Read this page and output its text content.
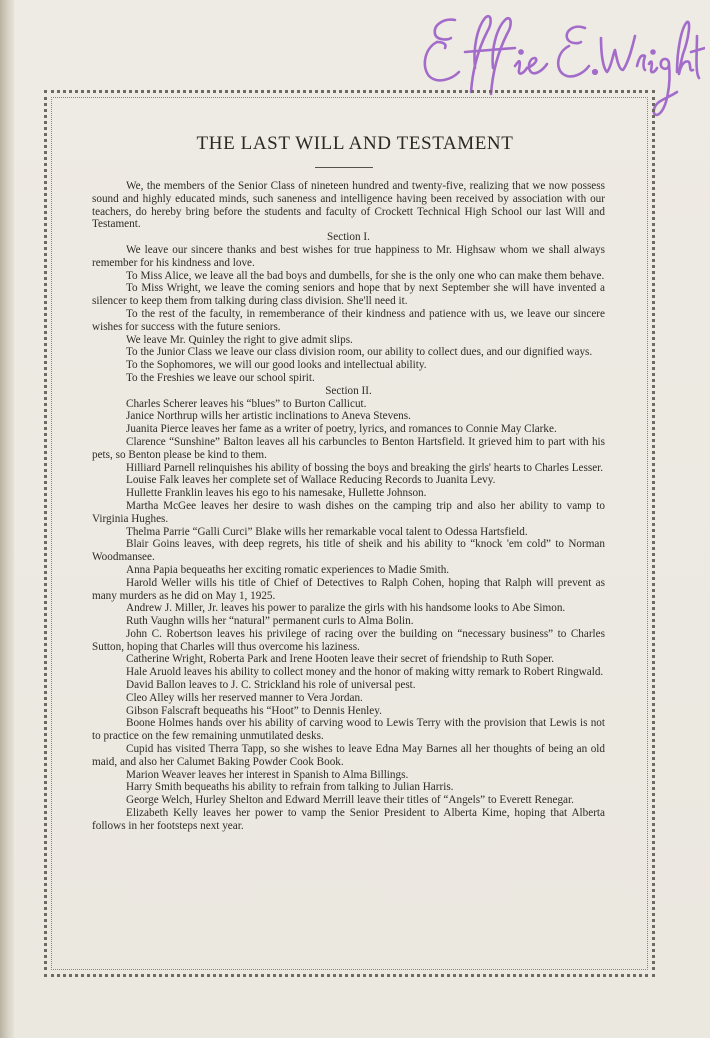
THE LAST WILL AND TESTAMENT

We, the members of the Senior Class of nineteen hundred and twenty-five, realizing that we now possess sound and highly educated minds, such saneness and intelligence having been received by association with our teachers, do hereby bring before the students and faculty of Crockett Technical High School our last Will and Testament.

Section I.

We leave our sincere thanks and best wishes for true happiness to Mr. Highsaw whom we shall always remember for his kindness and love.

To Miss Alice, we leave all the bad boys and dumbells, for she is the only one who can make them behave.

To Miss Wright, we leave the coming seniors and hope that by next September she will have invented a silencer to keep them from talking during class division. She'll need it.

To the rest of the faculty, in rememberance of their kindness and patience with us, we leave our sincere wishes for success with the future seniors.

We leave Mr. Quinley the right to give admit slips.

To the Junior Class we leave our class division room, our ability to collect dues, and our dignified ways.

To the Sophomores, we will our good looks and intellectual ability.

To the Freshies we leave our school spirit.

Section II.

Charles Scherer leaves his “blues” to Burton Callicut.

Janice Northrup wills her artistic inclinations to Aneva Stevens.

Juanita Pierce leaves her fame as a writer of poetry, lyrics, and romances to Connie May Clarke.

Clarence “Sunshine” Balton leaves all his carbuncles to Benton Hartsfield. It grieved him to part with his pets, so Benton please be kind to them.

Hilliard Parnell relinquishes his ability of bossing the boys and breaking the girls' hearts to Charles Lesser.

Louise Falk leaves her complete set of Wallace Reducing Records to Juanita Levy.

Hullette Franklin leaves his ego to his namesake, Hullette Johnson.

Martha McGee leaves her desire to wash dishes on the camping trip and also her ability to vamp to Virginia Hughes.

Thelma Parrie “Galli Curci” Blake wills her remarkable vocal talent to Odessa Hartsfield.

Blair Goins leaves, with deep regrets, his title of sheik and his ability to “knock 'em cold” to Norman Woodmansee.

Anna Papia bequeaths her exciting romatic experiences to Madie Smith.

Harold Weller wills his title of Chief of Detectives to Ralph Cohen, hoping that Ralph will prevent as many murders as he did on May 1, 1925.

Andrew J. Miller, Jr. leaves his power to paralize the girls with his handsome looks to Abe Simon.

Ruth Vaughn wills her “natural” permanent curls to Alma Bolin.

John C. Robertson leaves his privilege of racing over the building on “necessary business” to Charles Sutton, hoping that Charles will thus overcome his laziness.

Catherine Wright, Roberta Park and Irene Hooten leave their secret of friendship to Ruth Soper.

Hale Aruold leaves his ability to collect money and the honor of making witty remark to Robert Ringwald.

David Ballon leaves to J. C. Strickland his role of universal pest.

Cleo Alley wills her reserved manner to Vera Jordan.

Gibson Falscraft bequeaths his “Hoot” to Dennis Henley.

Boone Holmes hands over his ability of carving wood to Lewis Terry with the provision that Lewis is not to practice on the few remaining unmutilated desks.

Cupid has visited Therra Tapp, so she wishes to leave Edna May Barnes all her thoughts of being an old maid, and also her Calumet Baking Powder Cook Book.

Marion Weaver leaves her interest in Spanish to Alma Billings.

Harry Smith bequeaths his ability to refrain from talking to Julian Harris.

George Welch, Hurley Shelton and Edward Merrill leave their titles of “Angels” to Everett Renegar.

Elizabeth Kelly leaves her power to vamp the Senior President to Alberta Kime, hoping that Alberta follows in her footsteps next year.
